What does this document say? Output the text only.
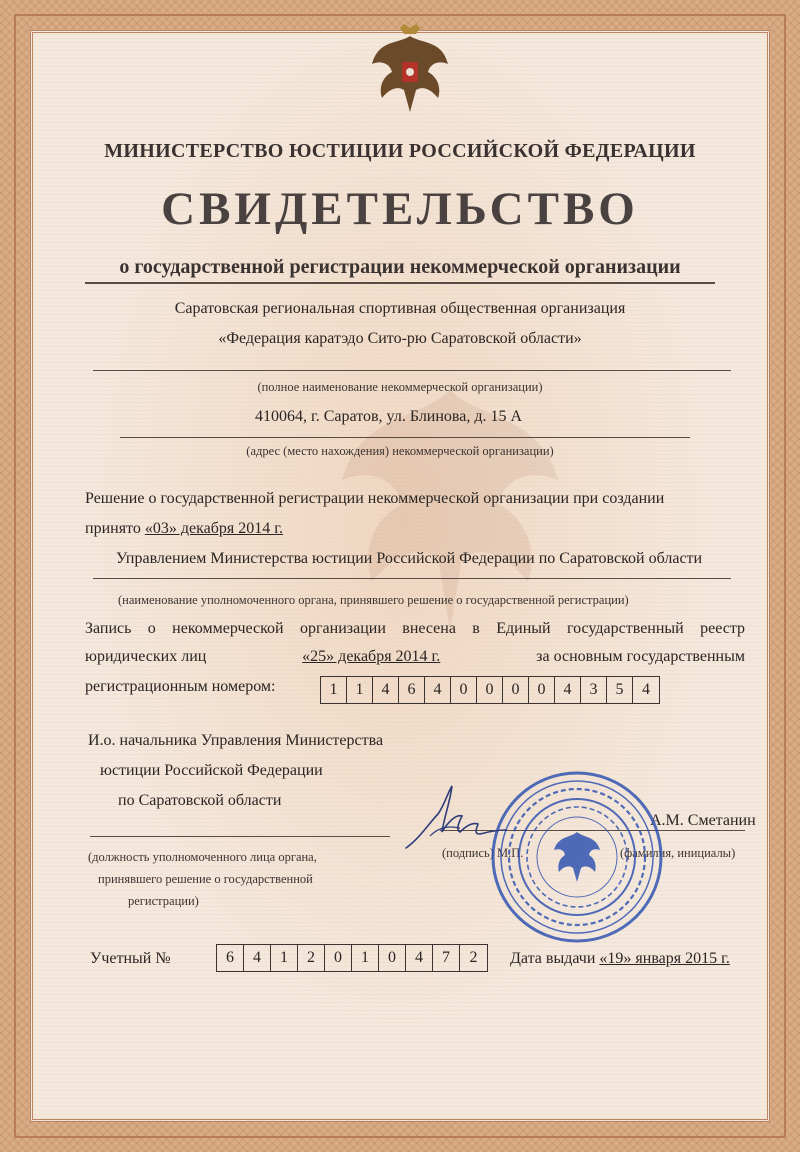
МИНИСТЕРСТВО ЮСТИЦИИ РОССИЙСКОЙ ФЕДЕРАЦИИ
СВИДЕТЕЛЬСТВО
о государственной регистрации некоммерческой организации
Саратовская региональная спортивная общественная организация
«Федерация каратэдо Сито-рю Саратовской области»
(полное наименование некоммерческой организации)
410064, г. Саратов, ул. Блинова, д. 15 А
(адрес (место нахождения) некоммерческой организации)
Решение о государственной регистрации некоммерческой организации при создании
принято «03» декабря 2014 г.
Управлением Министерства юстиции Российской Федерации по Саратовской области
(наименование уполномоченного органа, принявшего решение о государственной регистрации)
Запись о некоммерческой организации внесена в Единый государственный реестр
юридических лиц	«25» декабря 2014 г.	за основным государственным
регистрационным номером:	1	1	4	6	4	0	0	0	0	4	3	5	4
И.о. начальника Управления Министерства
юстиции Российской Федерации
по Саратовской области
(должность уполномоченного лица органа,
принявшего решение о государственной
регистрации)
(подпись) М.П.
А.М. Сметанин
(фамилия, инициалы)
Учетный №	6	4	1	2	0	1	0	4	7	2	Дата выдачи «19» января 2015 г.
